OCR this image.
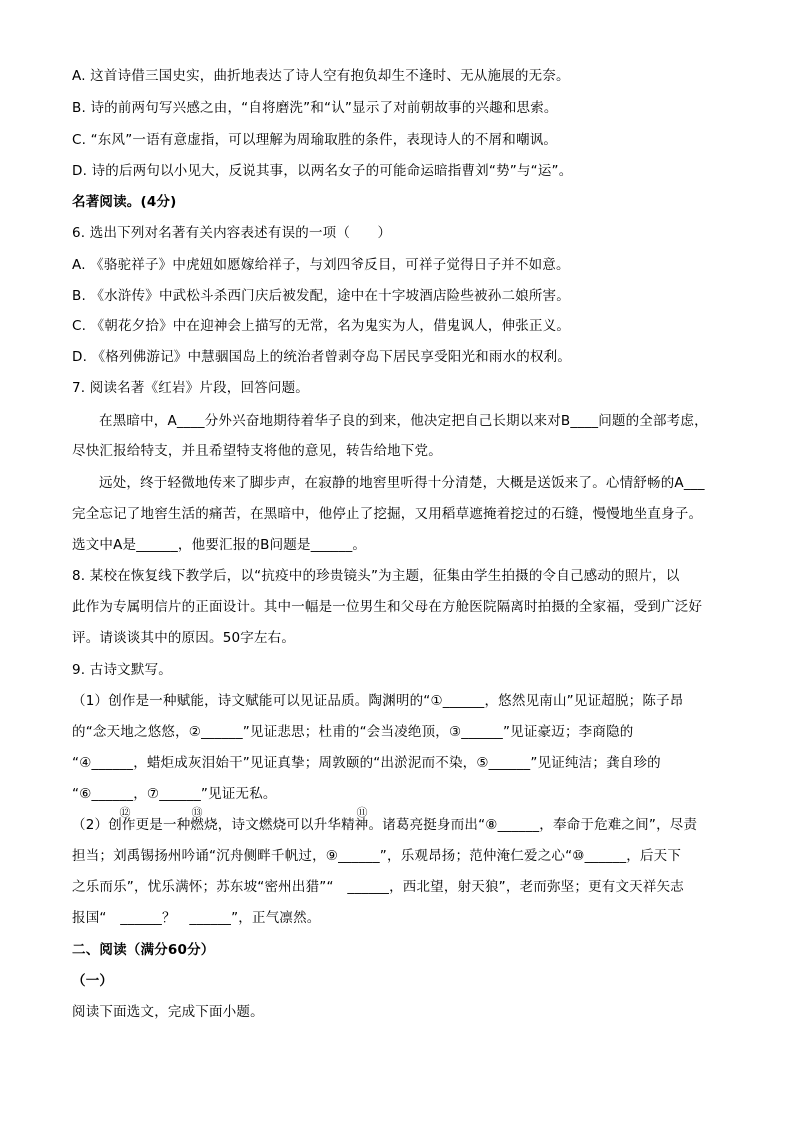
A. 这首诗借三国史实，曲折地表达了诗人空有抱负却生不逢时、无从施展的无奈。
B. 诗的前两句写兴感之由，“自将磨洗”和“认”显示了对前朝故事的兴趣和思索。
C. “东风”一语有意虚指，可以理解为周瑜取胜的条件，表现诗人的不屑和嘲讽。
D. 诗的后两句以小见大，反说其事，以两名女子的可能命运暗指曹刘“势”与“运”。
名著阅读。(4分)
6. 选出下列对名著有关内容表述有误的一项（　　）
A. 《骆驼祥子》中虎妞如愿嫁给祥子，与刘四爷反目，可祥子觉得日子并不如意。
B. 《水浒传》中武松斗杀西门庆后被发配，途中在十字坡酒店险些被孙二娘所害。
C. 《朝花夕拾》中在迎神会上描写的无常，名为鬼实为人，借鬼讽人，伸张正义。
D. 《格列佛游记》中慧骃国岛上的统治者曾剥夺岛下居民享受阳光和雨水的权利。
7. 阅读名著《红岩》片段，回答问题。
在黑暗中，A____分外兴奋地期待着华子良的到来，他决定把自己长期以来对B____问题的全部考虑，
尽快汇报给特支，并且希望特支将他的意见，转告给地下党。
远处，终于轻微地传来了脚步声，在寂静的地窖里听得十分清楚，大概是送饭来了。心情舒畅的A___
完全忘记了地窖生活的痛苦，在黑暗中，他停止了挖掘，又用稻草遮掩着挖过的石缝，慢慢地坐直身子。
选文中A是______，他要汇报的B问题是______。
8. 某校在恢复线下教学后，以“抗疫中的珍贵镜头”为主题，征集由学生拍摄的令自己感动的照片，以
此作为专属明信片的正面设计。其中一幅是一位男生和父母在方舱医院隔离时拍摄的全家福，受到广泛好
评。请谈谈其中的原因。50字左右。
9. 古诗文默写。
（1）创作是一种赋能，诗文赋能可以见证品质。陶渊明的“①______，悠然见南山”见证超脱；陈子昂
的“念天地之悠悠，②______”见证悲思；杜甫的“会当凌绝顶，③______”见证豪迈；李商隐的
“④______，蜡炬成灰泪始干”见证真挚；周敦颐的“出淤泥而不染，⑤______”见证纯洁；龚自珍的
“⑥______，⑦______”见证无私。
⑫	⑬	⑪
（2）创作更是一种燃烧，诗文燃烧可以升华精神。诸葛亮挺身而出“⑧______，奉命于危难之间”，尽责
担当；刘禹锡扬州吟诵“沉舟侧畔千帆过，⑨______”，乐观昂扬；范仲淹仁爱之心“⑩______，后天下
之乐而乐”，忧乐满怀；苏东坡“密州出猎”“　______，西北望，射天狼”，老而弥坚；更有文天祥矢志
报国“　______？　______”，正气凛然。
二、阅读（满分60分）
（一）
阅读下面选文，完成下面小题。
